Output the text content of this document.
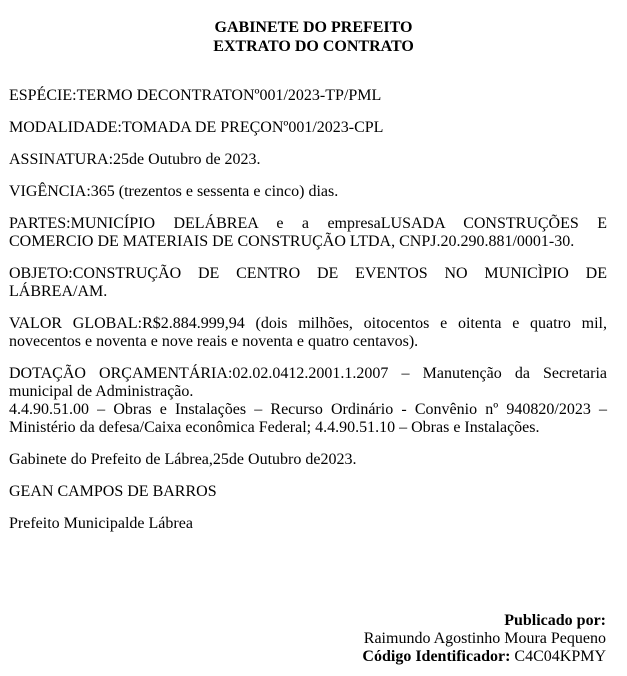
GABINETE DO PREFEITO
EXTRATO DO CONTRATO

ESPÉCIE:TERMO DECONTRATONº001/2023-TP/PML

MODALIDADE:TOMADA DE PREÇONº001/2023-CPL

ASSINATURA:25de Outubro de 2023.

VIGÊNCIA:365 (trezentos e sessenta e cinco) dias.

PARTES:MUNICÍPIO DELÁBREA e a empresaLUSADA CONSTRUÇÕES E COMERCIO DE MATERIAIS DE CONSTRUÇÃO LTDA, CNPJ.20.290.881/0001-30.

OBJETO:CONSTRUÇÃO DE CENTRO DE EVENTOS NO MUNICÌPIO DE LÁBREA/AM.

VALOR GLOBAL:R$2.884.999,94 (dois milhões, oitocentos e oitenta e quatro mil, novecentos e noventa e nove reais e noventa e quatro centavos).

DOTAÇÃO ORÇAMENTÁRIA:02.02.0412.2001.1.2007 – Manutenção da Secretaria municipal de Administração.

4.4.90.51.00 – Obras e Instalações – Recurso Ordinário - Convênio nº 940820/2023 – Ministério da defesa/Caixa econômica Federal; 4.4.90.51.10 – Obras e Instalações.

Gabinete do Prefeito de Lábrea,25de Outubro de2023.

GEAN CAMPOS DE BARROS

Prefeito Municipalde Lábrea

Publicado por:
Raimundo Agostinho Moura Pequeno
Código Identificador: C4C04KPMY
